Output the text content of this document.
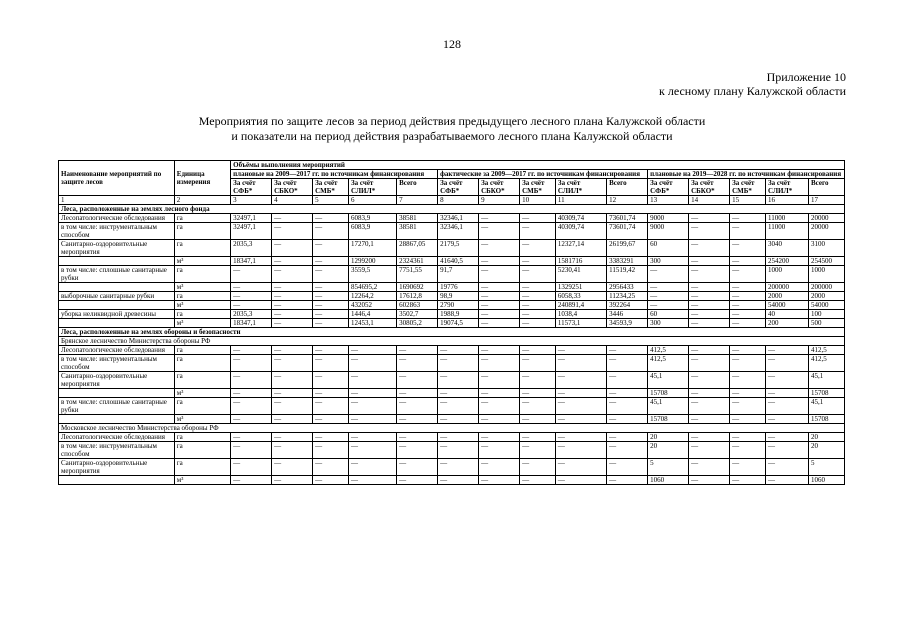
128
Приложение 10
к лесному плану Калужской области
Мероприятия по защите лесов за период действия предыдущего лесного плана Калужской области
и показатели на период действия разрабатываемого лесного плана Калужской области
Наименование мероприятий по защите лесов	Единица измерения	Объёмы выполнения мероприятий														
		плановые на 2009—2017 гг. по источникам финансирования					фактические за 2009—2017 гг. по источникам финансирования					плановые на 2019—2028 гг. по источникам финансирования				
		За счёт СФБ*	За счёт СБКО*	За счёт СМБ*	За счёт СЛИЛ*	Всего	За счёт СФБ*	За счёт СБКО*	За счёт СМБ*	За счёт СЛИЛ*	Всего	За счёт СФБ*	За счёт СБКО*	За счёт СМБ*	За счёт СЛИЛ*	Всего
1	2	3	4	5	6	7	8	9	10	11	12	13	14	15	16	17
Леса, расположенные на землях лесного фонда																
Лесопатологические обследования	га	32497,1	—	—	6083,9	38581	32346,1	—	—	40309,74	73601,74	9000	—	—	11000	20000
в том числе: инструментальным способом	га	32497,1	—	—	6083,9	38581	32346,1	—	—	40309,74	73601,74	9000	—	—	11000	20000
Санитарно-оздоровительные мероприятия	га	2035,3	—	—	17270,1	28867,05	2179,5	—	—	12327,14	26199,67	60	—	—	3040	3100
	м³	18347,1	—	—	1299200	2324361	41640,5	—	—	1581716	3383291	300	—	—	254200	254500
в том числе: сплошные санитарные рубки	га	—	—	—	3559,5	7751,55	91,7	—	—	5230,41	11519,42	—	—	—	1000	1000
	м³	—	—	—	854695,2	1690692	19776	—	—	1329251	2956433	—	—	—	200000	200000
выборочные санитарные рубки	га	—	—	—	12264,2	17612,8	98,9	—	—	6058,33	11234,25	—	—	—	2000	2000
	м³	—	—	—	432052	602863	2790	—	—	240891,4	392264	—	—	—	54000	54000
уборка неликвидной древесины	га	2035,3	—	—	1446,4	3502,7	1988,9	—	—	1038,4	3446	60	—	—	40	100
	м³	18347,1	—	—	12453,1	30805,2	19074,5	—	—	11573,1	34593,9	300	—	—	200	500
Леса, расположенные на землях обороны и безопасности																
Брянское лесничество Министерства обороны РФ																
Лесопатологические обследования	га	—	—	—	—	—	—	—	—	—	—	412,5	—	—	—	412,5
в том числе: инструментальным способом	га	—	—	—	—	—	—	—	—	—	—	412,5	—	—	—	412,5
Санитарно-оздоровительные мероприятия	га	—	—	—	—	—	—	—	—	—	—	45,1	—	—	—	45,1
	м³	—	—	—	—	—	—	—	—	—	—	15708	—	—	—	15708
в том числе: сплошные санитарные рубки	га	—	—	—	—	—	—	—	—	—	—	45,1	—	—	—	45,1
	м³	—	—	—	—	—	—	—	—	—	—	15708	—	—	—	15708
Московское лесничество Министерства обороны РФ																
Лесопатологические обследования	га	—	—	—	—	—	—	—	—	—	—	20	—	—	—	20
в том числе: инструментальным способом	га	—	—	—	—	—	—	—	—	—	—	20	—	—	—	20
Санитарно-оздоровительные мероприятия	га	—	—	—	—	—	—	—	—	—	—	5	—	—	—	5
	м³	—	—	—	—	—	—	—	—	—	—	1060	—	—	—	1060
